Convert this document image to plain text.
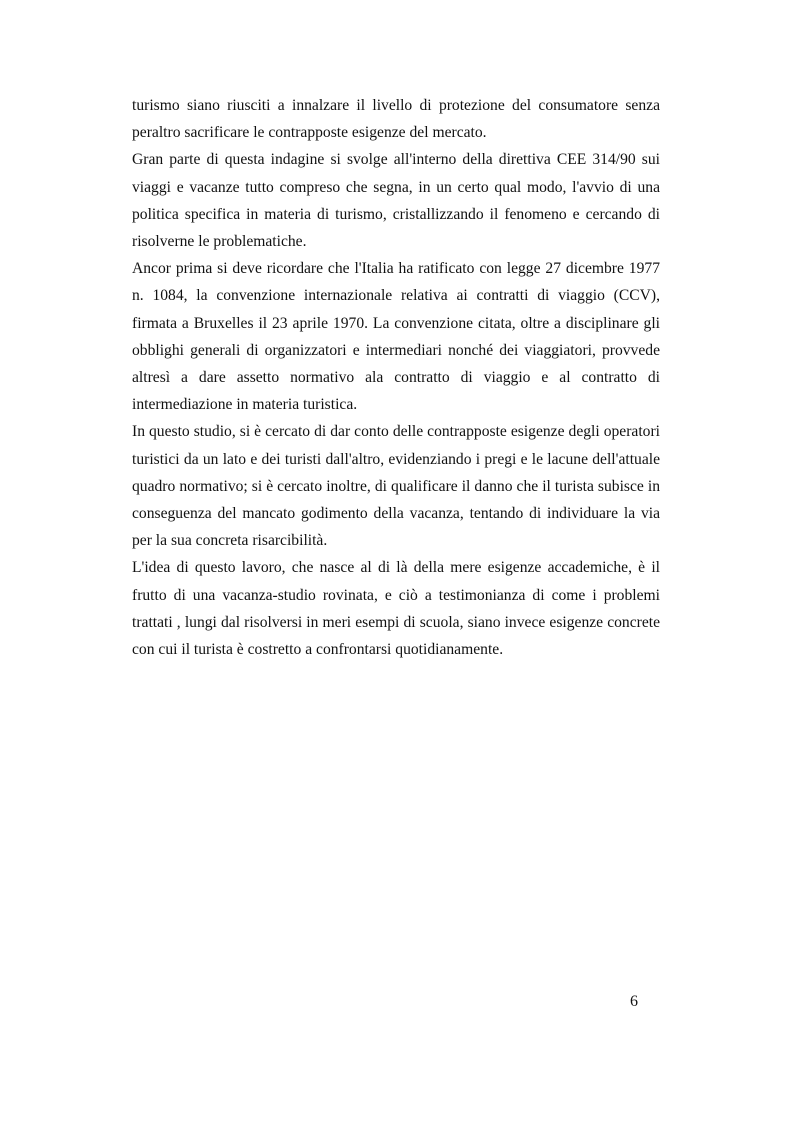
turismo siano riusciti a innalzare il livello di protezione del consumatore senza peraltro sacrificare le contrapposte esigenze del mercato.

Gran parte di questa indagine si svolge all'interno della direttiva CEE 314/90 sui viaggi e vacanze tutto compreso che segna, in un certo qual modo, l'avvio di una politica specifica in materia di turismo, cristallizzando il fenomeno e cercando di risolverne le problematiche.

Ancor prima si deve ricordare che l'Italia ha ratificato con legge 27 dicembre 1977 n. 1084, la convenzione internazionale relativa ai contratti di viaggio (CCV), firmata a Bruxelles il 23 aprile 1970. La convenzione citata, oltre a disciplinare gli obblighi generali di organizzatori e intermediari nonché dei viaggiatori, provvede altresì a dare assetto normativo ala contratto di viaggio e al contratto di intermediazione in materia turistica.

In questo studio, si è cercato di dar conto delle contrapposte esigenze degli operatori turistici da un lato e dei turisti dall'altro, evidenziando i pregi e le lacune dell'attuale quadro normativo; si è cercato inoltre, di qualificare il danno che il turista subisce in conseguenza del mancato godimento della vacanza, tentando di individuare la via per la sua concreta risarcibilità.

L'idea di questo lavoro, che nasce al di là della mere esigenze accademiche, è il frutto di una vacanza-studio rovinata, e ciò a testimonianza di come i problemi trattati , lungi dal risolversi in meri esempi di scuola, siano invece esigenze concrete con cui il turista è costretto a confrontarsi quotidianamente.

6
